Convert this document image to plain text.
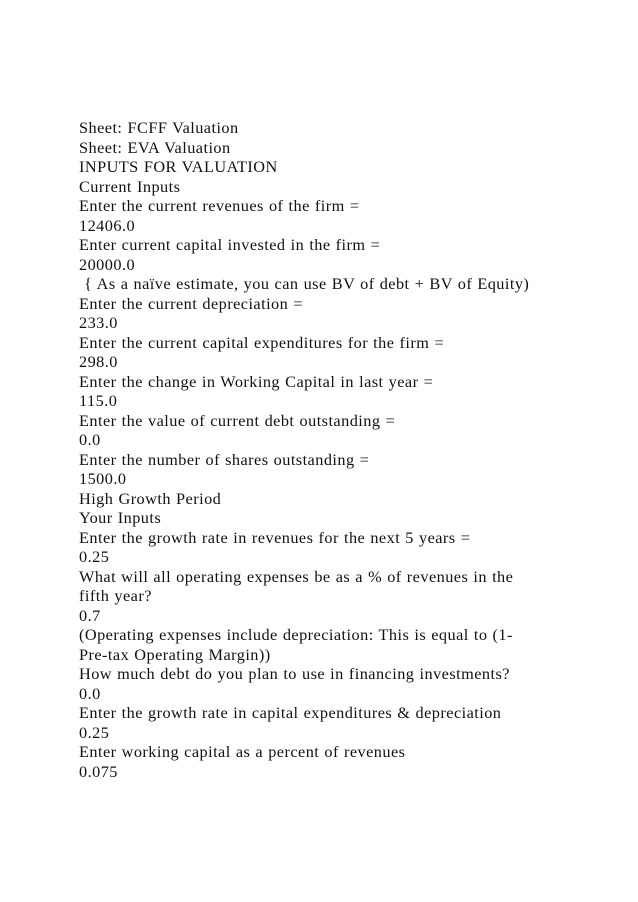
Sheet: FCFF Valuation
Sheet: EVA Valuation
INPUTS FOR VALUATION
Current Inputs
Enter the current revenues of the firm =
12406.0
Enter current capital invested in the firm =
20000.0
{ As a naïve estimate, you can use BV of debt + BV of Equity)
Enter the current depreciation =
233.0
Enter the current capital expenditures for the firm =
298.0
Enter the change in Working Capital in last year =
115.0
Enter the value of current debt outstanding =
0.0
Enter the number of shares outstanding =
1500.0
High Growth Period
Your Inputs
Enter the growth rate in revenues for the next 5 years =
0.25
What will all operating expenses be as a % of revenues in the
fifth year?
0.7
(Operating expenses include depreciation: This is equal to (1-
Pre-tax Operating Margin))
How much debt do you plan to use in financing investments?
0.0
Enter the growth rate in capital expenditures & depreciation
0.25
Enter working capital as a percent of revenues
0.075
